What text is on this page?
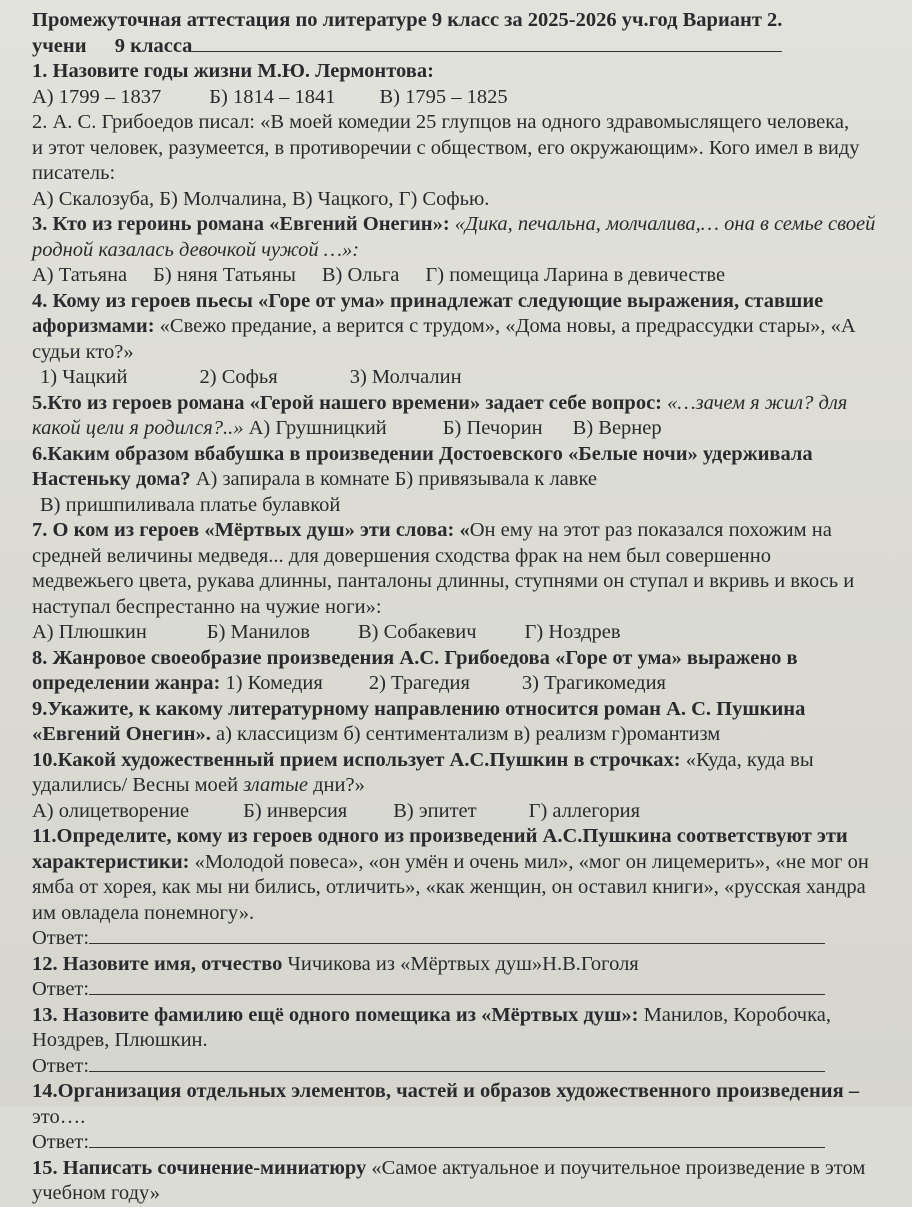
Промежуточная аттестация по литературе 9 класс за 2025-2026 уч.год Вариант 2.
учени 9 класса
1. Назовите годы жизни М.Ю. Лермонтова:
А) 1799 – 1837 Б) 1814 – 1841 В) 1795 – 1825
2. А. С. Грибоедов писал: «В моей комедии 25 глупцов на одного здравомыслящего человека,
и этот человек, разумеется, в противоречии с обществом, его окружающим». Кого имел в виду
писатель:
А) Скалозуба, Б) Молчалина, В) Чацкого, Г) Софью.
3. Кто из героинь романа «Евгений Онегин»: «Дика, печальна, молчалива,… она в семье своей
родной казалась девочкой чужой …»:
А) Татьяна Б) няня Татьяны В) Ольга Г) помещица Ларина в девичестве
4. Кому из героев пьесы «Горе от ума» принадлежат следующие выражения, ставшие
афоризмами: «Свежо предание, а верится с трудом», «Дома новы, а предрассудки стары», «А
судьи кто?»
1) Чацкий	2) Софья	3) Молчалин
5.Кто из героев романа «Герой нашего времени» задает себе вопрос: «…зачем я жил? для
какой цели я родился?..» А) Грушницкий	Б) Печорин В) Вернер
6.Каким образом вбабушка в произведении Достоевского «Белые ночи» удерживала
Настеньку дома? А) запирала в комнате Б) привязывала к лавке
В) пришпиливала платье булавкой
7. О ком из героев «Мёртвых душ» эти слова: «Он ему на этот раз показался похожим на
средней величины медведя... для довершения сходства фрак на нем был совершенно
медвежьего цвета, рукава длинны, панталоны длинны, ступнями он ступал и вкривь и вкось и
наступал беспрестанно на чужие ноги»:
А) Плюшкин	Б) Манилов В) Собакевич Г) Ноздрев
8. Жанровое своеобразие произведения А.С. Грибоедова «Горе от ума» выражено в
определении жанра: 1) Комедия 2) Трагедия	3) Трагикомедия
9.Укажите, к какому литературному направлению относится роман А. С. Пушкина
«Евгений Онегин». а) классицизм б) сентиментализм в) реализм г)романтизм
10.Какой художественный прием использует А.С.Пушкин в строчках: «Куда, куда вы
удалились/ Весны моей златые дни?»
А) олицетворение	Б) инверсия В) эпитет	Г) аллегория
11.Определите, кому из героев одного из произведений А.С.Пушкина соответствуют эти
характеристики: «Молодой повеса», «он умён и очень мил», «мог он лицемерить», «не мог он
ямба от хорея, как мы ни бились, отличить», «как женщин, он оставил книги», «русская хандра
им овладела понемногу».
Ответ:
12. Назовите имя, отчество Чичикова из «Мёртвых душ»Н.В.Гоголя
Ответ:
13. Назовите фамилию ещё одного помещика из «Мёртвых душ»: Манилов, Коробочка,
Ноздрев, Плюшкин.
Ответ:
14.Организация отдельных элементов, частей и образов художественного произведения –
это….
Ответ:
15. Написать сочинение-миниатюру «Самое актуальное и поучительное произведение в этом
учебном году»
